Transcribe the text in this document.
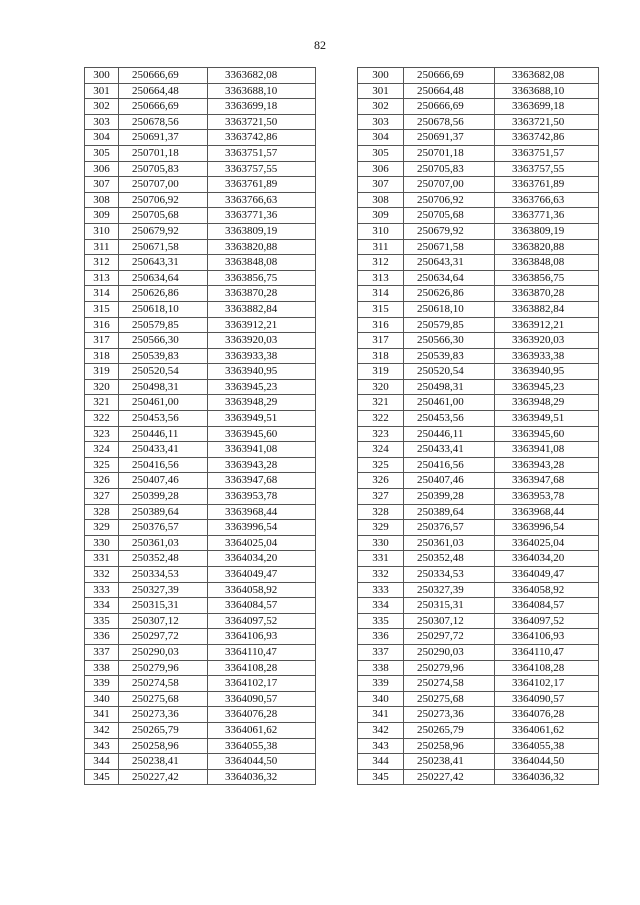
82
300	250666,69	3363682,08
301	250664,48	3363688,10
302	250666,69	3363699,18
303	250678,56	3363721,50
304	250691,37	3363742,86
305	250701,18	3363751,57
306	250705,83	3363757,55
307	250707,00	3363761,89
308	250706,92	3363766,63
309	250705,68	3363771,36
310	250679,92	3363809,19
311	250671,58	3363820,88
312	250643,31	3363848,08
313	250634,64	3363856,75
314	250626,86	3363870,28
315	250618,10	3363882,84
316	250579,85	3363912,21
317	250566,30	3363920,03
318	250539,83	3363933,38
319	250520,54	3363940,95
320	250498,31	3363945,23
321	250461,00	3363948,29
322	250453,56	3363949,51
323	250446,11	3363945,60
324	250433,41	3363941,08
325	250416,56	3363943,28
326	250407,46	3363947,68
327	250399,28	3363953,78
328	250389,64	3363968,44
329	250376,57	3363996,54
330	250361,03	3364025,04
331	250352,48	3364034,20
332	250334,53	3364049,47
333	250327,39	3364058,92
334	250315,31	3364084,57
335	250307,12	3364097,52
336	250297,72	3364106,93
337	250290,03	3364110,47
338	250279,96	3364108,28
339	250274,58	3364102,17
340	250275,68	3364090,57
341	250273,36	3364076,28
342	250265,79	3364061,62
343	250258,96	3364055,38
344	250238,41	3364044,50
345	250227,42	3364036,32
300	250666,69	3363682,08
301	250664,48	3363688,10
302	250666,69	3363699,18
303	250678,56	3363721,50
304	250691,37	3363742,86
305	250701,18	3363751,57
306	250705,83	3363757,55
307	250707,00	3363761,89
308	250706,92	3363766,63
309	250705,68	3363771,36
310	250679,92	3363809,19
311	250671,58	3363820,88
312	250643,31	3363848,08
313	250634,64	3363856,75
314	250626,86	3363870,28
315	250618,10	3363882,84
316	250579,85	3363912,21
317	250566,30	3363920,03
318	250539,83	3363933,38
319	250520,54	3363940,95
320	250498,31	3363945,23
321	250461,00	3363948,29
322	250453,56	3363949,51
323	250446,11	3363945,60
324	250433,41	3363941,08
325	250416,56	3363943,28
326	250407,46	3363947,68
327	250399,28	3363953,78
328	250389,64	3363968,44
329	250376,57	3363996,54
330	250361,03	3364025,04
331	250352,48	3364034,20
332	250334,53	3364049,47
333	250327,39	3364058,92
334	250315,31	3364084,57
335	250307,12	3364097,52
336	250297,72	3364106,93
337	250290,03	3364110,47
338	250279,96	3364108,28
339	250274,58	3364102,17
340	250275,68	3364090,57
341	250273,36	3364076,28
342	250265,79	3364061,62
343	250258,96	3364055,38
344	250238,41	3364044,50
345	250227,42	3364036,32
